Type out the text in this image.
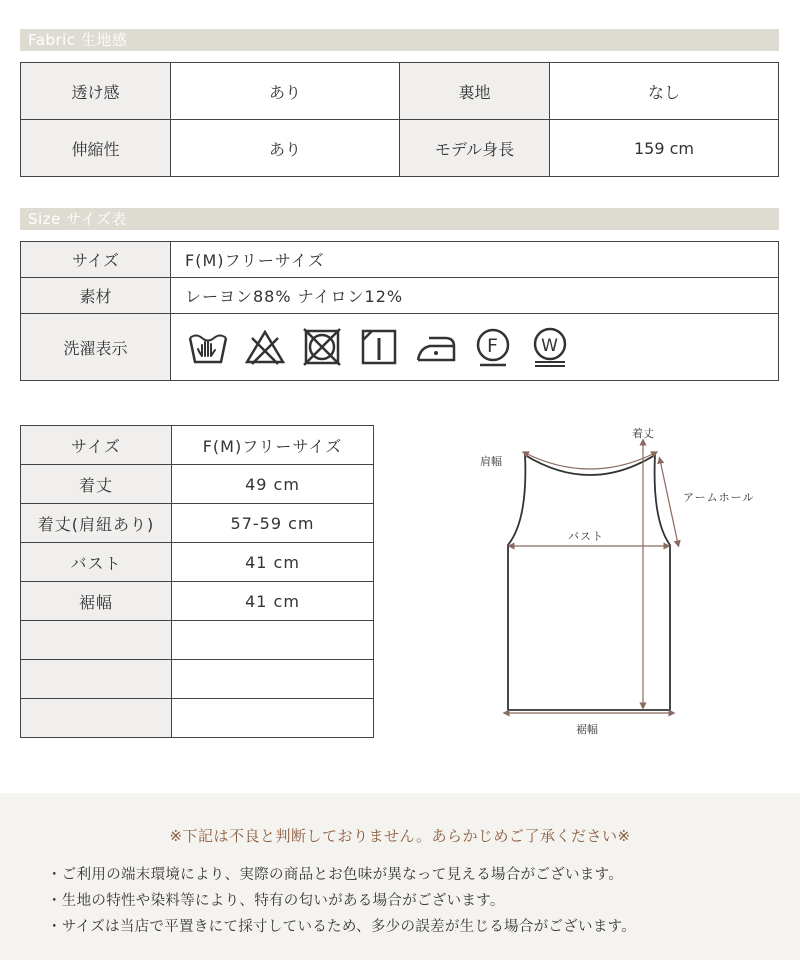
Fabric 生地感
透け感	あり	裏地	なし
伸縮性	あり	モデル身長	159 cm
Size サイズ表
サイズ	F(M)フリーサイズ
素材	レーヨン88% ナイロン12%
洗濯表示	F W
サイズ	F(M)フリーサイズ
着丈	49 cm
着丈(肩紐あり)	57-59 cm
バスト	41 cm
裾幅	41 cm

着丈
肩幅
アームホール
バスト
裾幅
※下記は不良と判断しておりません。あらかじめご了承ください※
・ご利用の端末環境により、実際の商品とお色味が異なって見える場合がございます。
・生地の特性や染料等により、特有の匂いがある場合がございます。
・サイズは当店で平置きにて採寸しているため、多少の誤差が生じる場合がございます。
